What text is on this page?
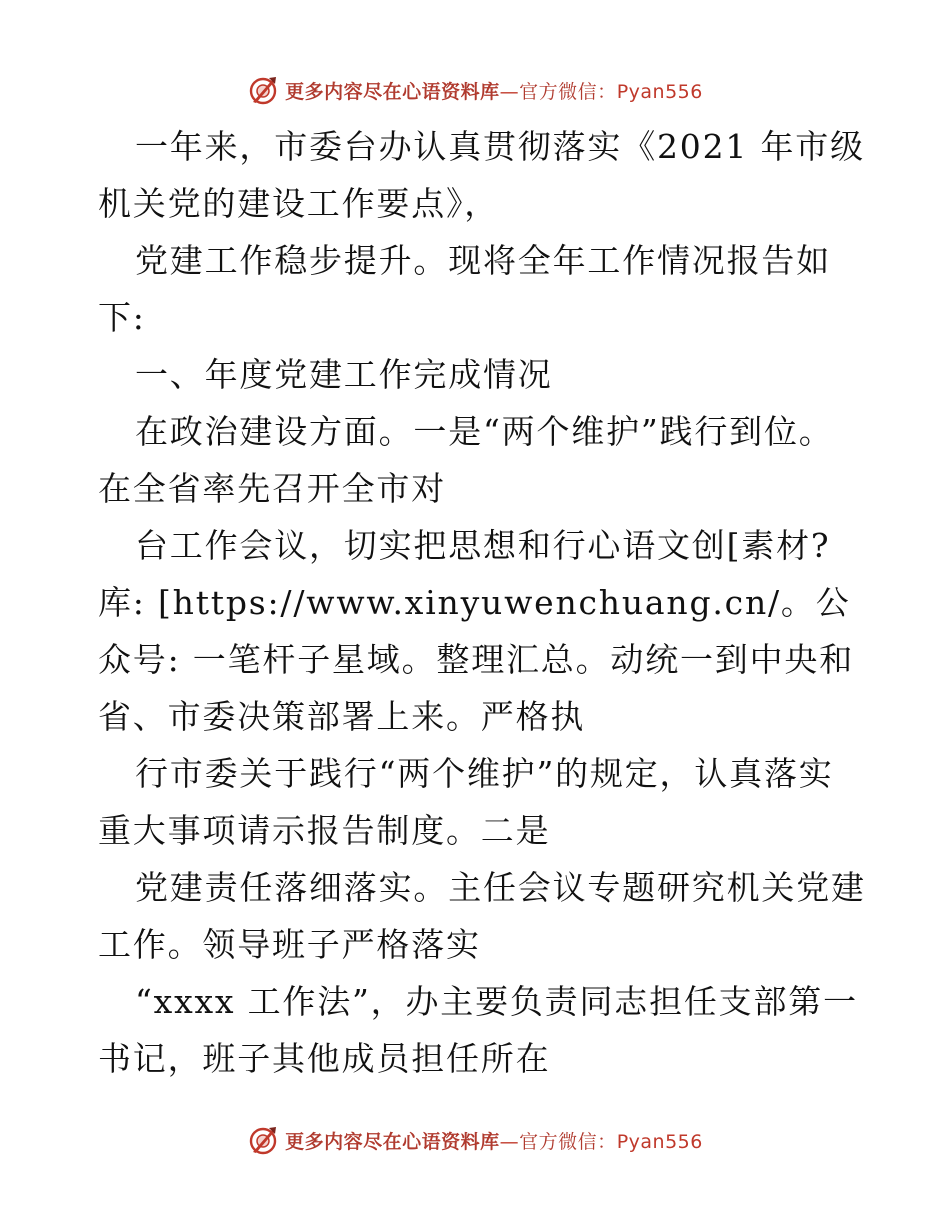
更多内容尽在心语资料库—官方微信：Pyan556

一年来，市委台办认真贯彻落实《2021 年市级机关党的建设工作要点》，

党建工作稳步提升。现将全年工作情况报告如下:

一、年度党建工作完成情况

在政治建设方面。一是“两个维护”践行到位。在全省率先召开全市对

台工作会议，切实把思想和行心语文创[素材?库: [https://www.xinyuwenchuang.cn/。公众号: 一笔杆子星域。整理汇总。动统一到中央和省、市委决策部署上来。严格执

行市委关于践行“两个维护”的规定，认真落实重大事项请示报告制度。二是

党建责任落细落实。主任会议专题研究机关党建工作。领导班子严格落实

“xxxx 工作法”，办主要负责同志担任支部第一书记，班子其他成员担任所在

更多内容尽在心语资料库—官方微信：Pyan556
